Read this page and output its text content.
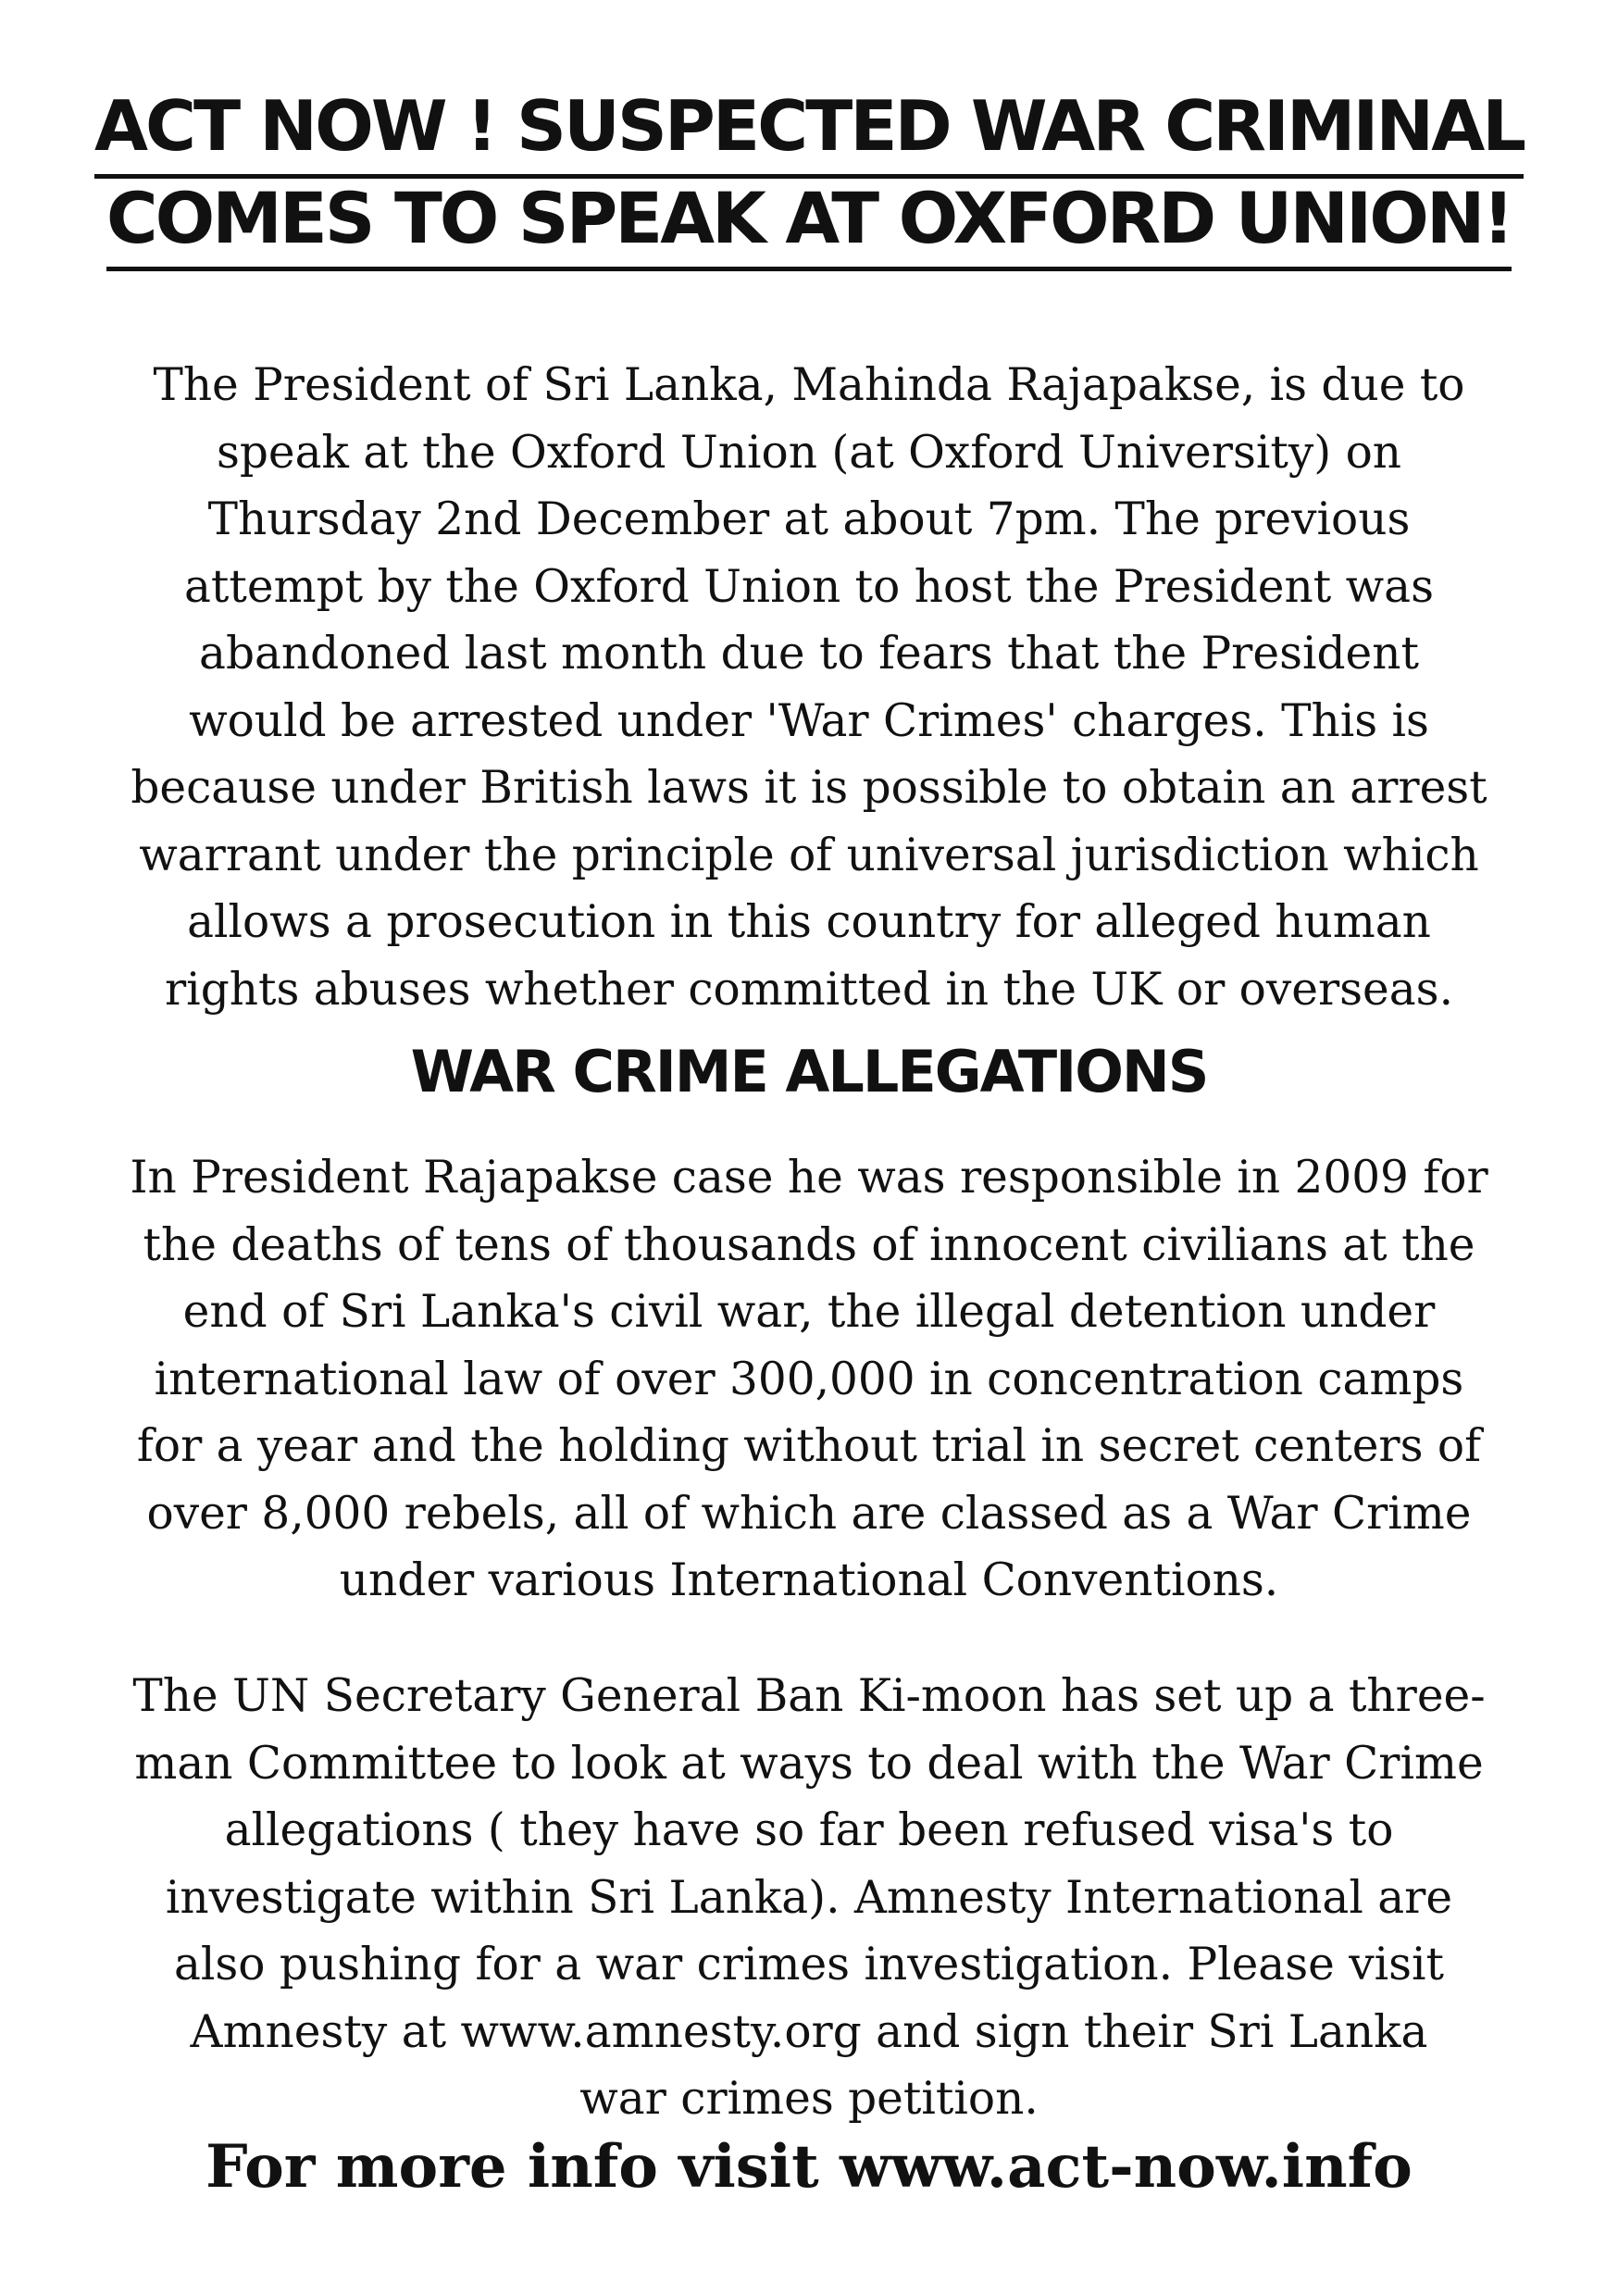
ACT NOW ! SUSPECTED WAR CRIMINAL
COMES TO SPEAK AT OXFORD UNION!

The President of Sri Lanka, Mahinda Rajapakse, is due to
speak at the Oxford Union (at Oxford University) on
Thursday 2nd December at about 7pm. The previous
attempt by the Oxford Union to host the President was
abandoned last month due to fears that the President
would be arrested under 'War Crimes' charges. This is
because under British laws it is possible to obtain an arrest
warrant under the principle of universal jurisdiction which
allows a prosecution in this country for alleged human
rights abuses whether committed in the UK or overseas.

WAR CRIME ALLEGATIONS

In President Rajapakse case he was responsible in 2009 for
the deaths of tens of thousands of innocent civilians at the
end of Sri Lanka's civil war, the illegal detention under
international law of over 300,000 in concentration camps
for a year and the holding without trial in secret centers of
over 8,000 rebels, all of which are classed as a War Crime
under various International Conventions.

The UN Secretary General Ban Ki-moon has set up a three-
man Committee to look at ways to deal with the War Crime
allegations ( they have so far been refused visa's to
investigate within Sri Lanka). Amnesty International are
also pushing for a war crimes investigation. Please visit
Amnesty at www.amnesty.org and sign their Sri Lanka
war crimes petition.

For more info visit www.act-now.info
